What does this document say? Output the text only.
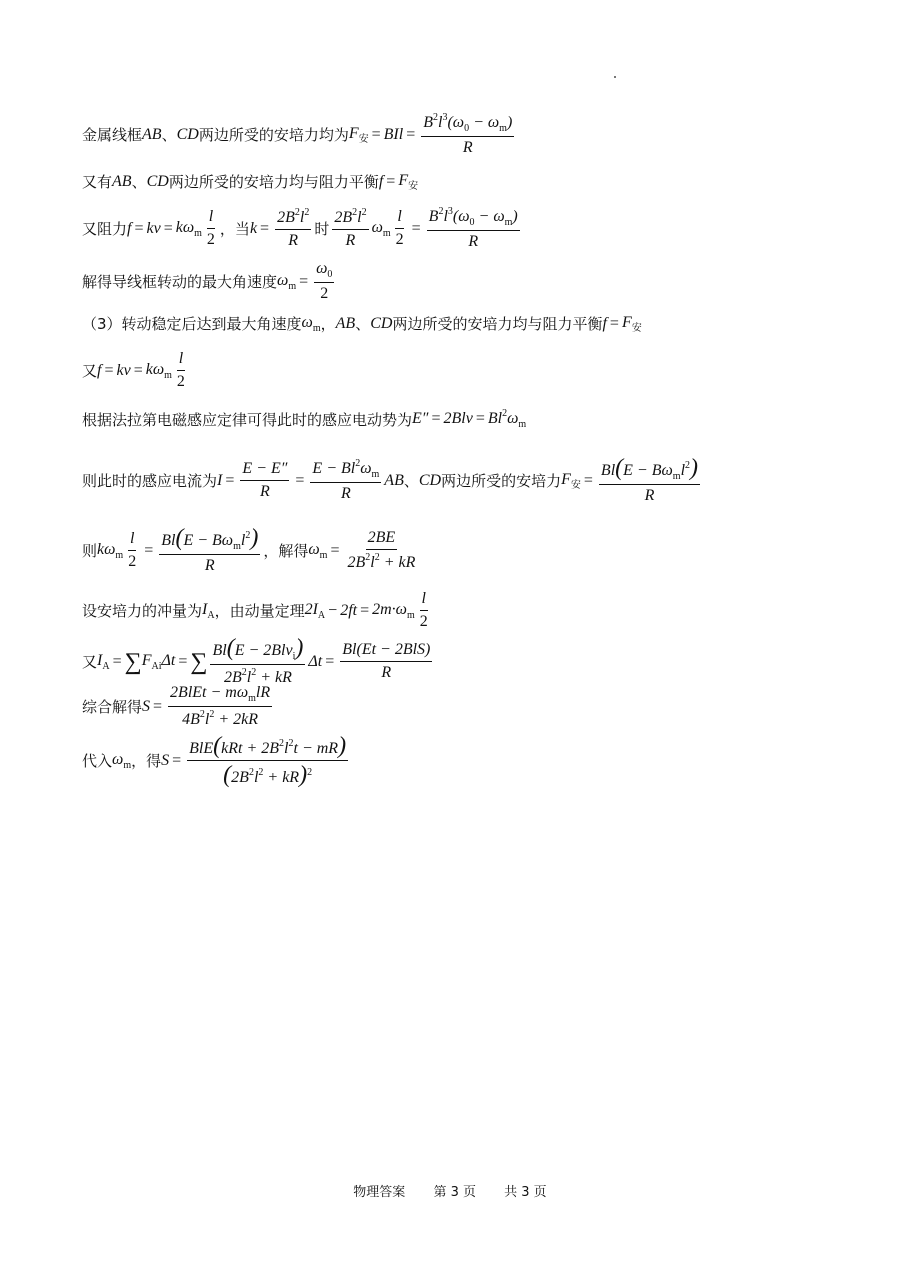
金属线框 AB 、 CD 两边所受的安培力均为 $F_安$ = BIl = $\frac{B^2l^3(\omega_0 - \omega_m)}{R}$
又有 AB 、 CD 两边所受的安培力均与阻力平衡 $f = F_安$
又阻力 f = kv = $k\omega_m \frac{l}{2}$ ，当 $k = \frac{2B^2l^2}{R}$ 时 $\frac{2B^2l^2}{R} \omega_m \frac{l}{2} = \frac{B^2l^3(\omega_0 - \omega_m)}{R}$
解得导线框转动的最大角速度 $\omega_m = \frac{\omega_0}{2}$
（3）转动稳定后达到最大角速度 $\omega_m$ ， AB 、 CD 两边所受的安培力均与阻力平衡 $f = F_安$
又 f = kv = $k\omega_m \frac{l}{2}$
根据法拉第电磁感应定律可得此时的感应电动势为 $E'' = 2Blv = Bl^2\omega_m$
则此时的感应电流为 $I = \frac{E - E''}{R} = \frac{E - Bl^2\omega_m}{R}$ AB 、 CD 两边所受的安培力 $F_安 = \frac{Bl(E - B\omega_ml^2)}{R}$
则 $k\omega_m \frac{l}{2} = \frac{Bl(E - B\omega_ml^2)}{R}$ ，解得 $\omega_m = \frac{2BE}{2B^2l^2 + kR}$
设安培力的冲量为 $I_A$ ，由动量定理 $2I_A - 2ft = 2m\cdot\omega_m \frac{l}{2}$
又 $I_A$ = ∑ $F_{Ai}\Delta t$ = ∑ $\frac{Bl(E - 2Blv_i)}{2B^2l^2 + kR}$ $\Delta t = \frac{\text{Bl(Et − 2BlS)}}{R}$
综合解得 $S = \frac{2BlEt - m\omega_mlR}{4B^2l^2 + 2kR}$
代入 $\omega_m$ ，得 $S = \frac{BlE(kRt + 2B^2l^2t - mR)}{(2B^2l^2 + kR)^2}$
物理答案 第 3 页 共 3 页
